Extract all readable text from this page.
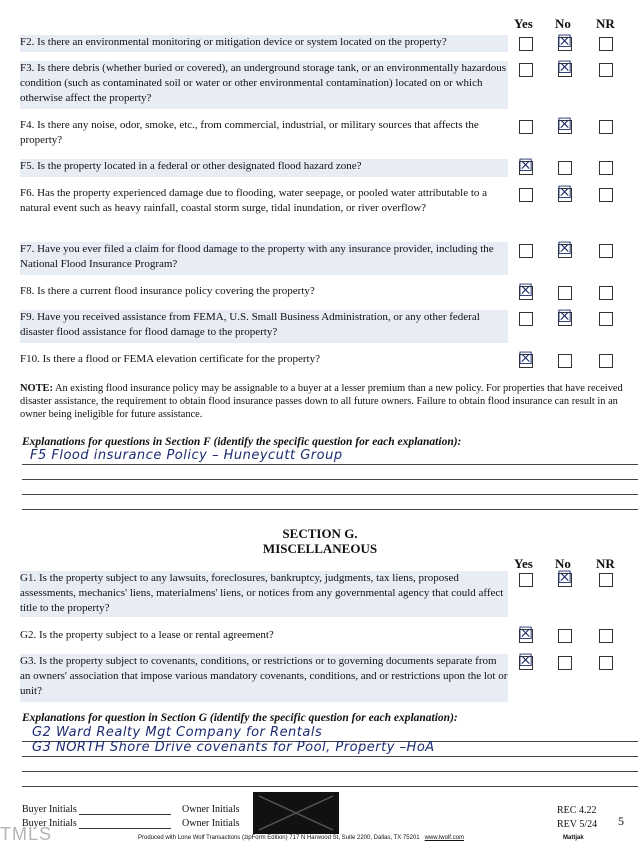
Yes No NR
F2. Is there an environmental monitoring or mitigation device or system located on the property?
F3. Is there debris (whether buried or covered), an underground storage tank, or an environmentally hazardous condition (such as contaminated soil or water or other environmental contamination) located on or which otherwise affect the property?
F4. Is there any noise, odor, smoke, etc., from commercial, industrial, or military sources that affects the property?
F5. Is the property located in a federal or other designated flood hazard zone?
F6. Has the property experienced damage due to flooding, water seepage, or pooled water attributable to a natural event such as heavy rainfall, coastal storm surge, tidal inundation, or river overflow?
F7. Have you ever filed a claim for flood damage to the property with any insurance provider, including the National Flood Insurance Program?
F8. Is there a current flood insurance policy covering the property?
F9. Have you received assistance from FEMA, U.S. Small Business Administration, or any other federal disaster flood assistance for flood damage to the property?
F10. Is there a flood or FEMA elevation certificate for the property?
☒
☒
☒
☒
☒
☒
☒
☒
☒
NOTE: An existing flood insurance policy may be assignable to a buyer at a lesser premium than a new policy. For properties that have received disaster assistance, the requirement to obtain flood insurance passes down to all future owners. Failure to obtain flood insurance can result in an owner being ineligible for future assistance.
Explanations for questions in Section F (identify the specific question for each explanation):
F5 Flood insurance Policy – Huneycutt Group
SECTION G.
MISCELLANEOUS
Yes No NR
G1. Is the property subject to any lawsuits, foreclosures, bankruptcy, judgments, tax liens, proposed assessments, mechanics' liens, materialmens' liens, or notices from any governmental agency that could affect title to the property?
G2. Is the property subject to a lease or rental agreement?
G3. Is the property subject to covenants, conditions, or restrictions or to governing documents separate from an owners' association that impose various mandatory covenants, conditions, and or restrictions upon the lot or unit?
☒
☒
☒
Explanations for question in Section G (identify the specific question for each explanation):
G2 Ward Realty Mgt Company for Rentals
G3 NORTH Shore Drive covenants for Pool, Property –HoA
Buyer Initials
Buyer Initials
Owner Initials
Owner Initials
REC 4.22
REV 5/24 5
Produced with Lone Wolf Transactions (zipForm Edition) 717 N Harwood St, Suite 2200, Dallas, TX 75201 www.lwolf.com	Mattjak
TMLS
